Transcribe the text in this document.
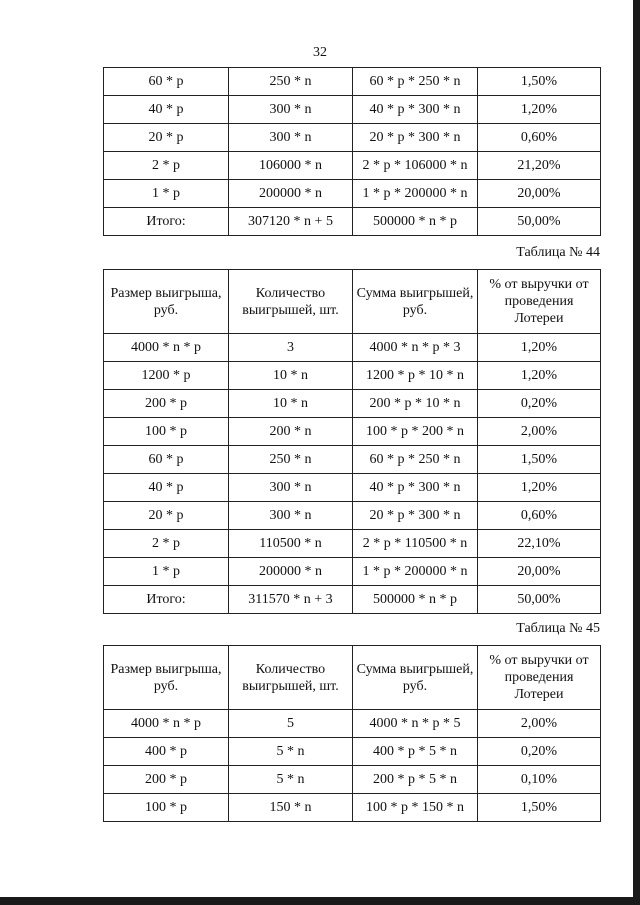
32
60 * p	250 * n	60 * p * 250 * n	1,50%
40 * p	300 * n	40 * p * 300 * n	1,20%
20 * p	300 * n	20 * p * 300 * n	0,60%
2 * p	106000 * n	2 * p * 106000 * n	21,20%
1 * p	200000 * n	1 * p * 200000 * n	20,00%
Итого:	307120 * n + 5	500000 * n * p	50,00%
Таблица № 44
Размер выигрыша, руб.	Количество выигрышей, шт.	Сумма выигрышей, руб.	% от выручки от проведения Лотереи
4000 * n * p	3	4000 * n * p * 3	1,20%
1200 * p	10 * n	1200 * p * 10 * n	1,20%
200 * p	10 * n	200 * p * 10 * n	0,20%
100 * p	200 * n	100 * p * 200 * n	2,00%
60 * p	250 * n	60 * p * 250 * n	1,50%
40 * p	300 * n	40 * p * 300 * n	1,20%
20 * p	300 * n	20 * p * 300 * n	0,60%
2 * p	110500 * n	2 * p * 110500 * n	22,10%
1 * p	200000 * n	1 * p * 200000 * n	20,00%
Итого:	311570 * n + 3	500000 * n * p	50,00%
Таблица № 45
Размер выигрыша, руб.	Количество выигрышей, шт.	Сумма выигрышей, руб.	% от выручки от проведения Лотереи
4000 * n * p	5	4000 * n * p * 5	2,00%
400 * p	5 * n	400 * p * 5 * n	0,20%
200 * p	5 * n	200 * p * 5 * n	0,10%
100 * p	150 * n	100 * p * 150 * n	1,50%
